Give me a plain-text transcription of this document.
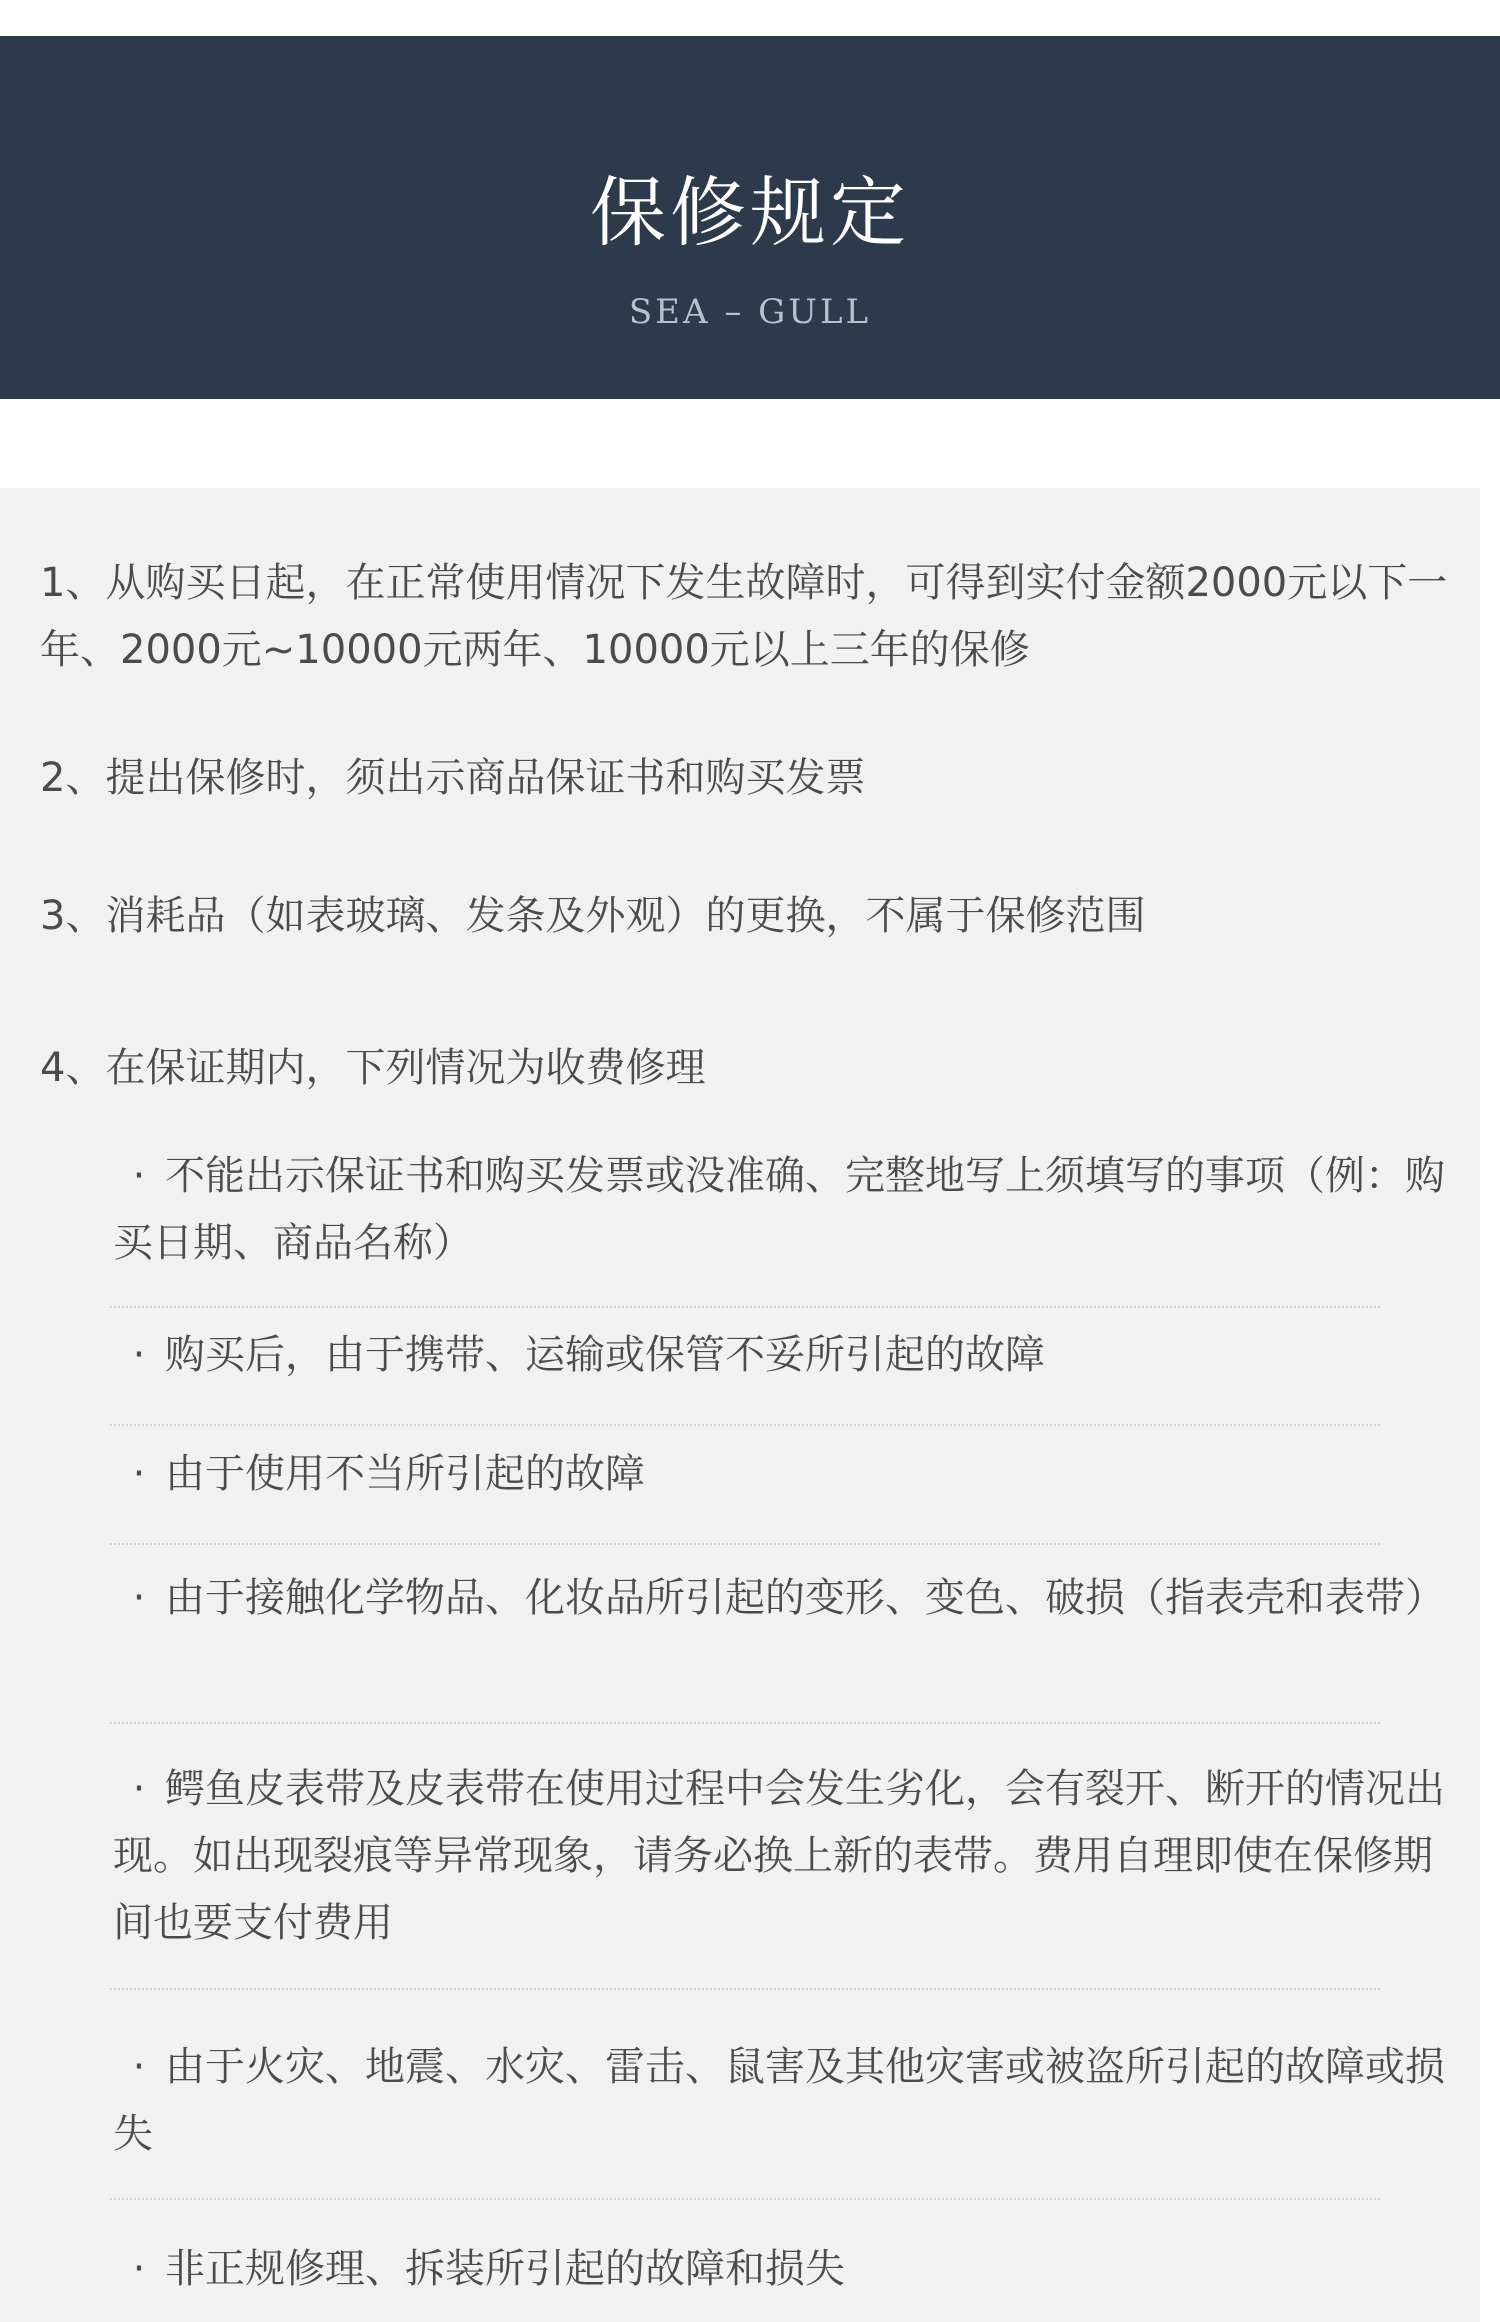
保修规定
SEA – GULL

1、从购买日起，在正常使用情况下发生故障时，可得到实付金额2000元以下一年、2000元~10000元两年、10000元以上三年的保修

2、提出保修时，须出示商品保证书和购买发票

3、消耗品（如表玻璃、发条及外观）的更换，不属于保修范围

4、在保证期内，下列情况为收费修理

· 不能出示保证书和购买发票或没准确、完整地写上须填写的事项（例：购买日期、商品名称）
· 购买后，由于携带、运输或保管不妥所引起的故障
· 由于使用不当所引起的故障
· 由于接触化学物品、化妆品所引起的变形、变色、破损（指表壳和表带）
· 鳄鱼皮表带及皮表带在使用过程中会发生劣化，会有裂开、断开的情况出现。如出现裂痕等异常现象，请务必换上新的表带。费用自理即使在保修期间也要支付费用
· 由于火灾、地震、水灾、雷击、鼠害及其他灾害或被盗所引起的故障或损失
· 非正规修理、拆装所引起的故障和损失
